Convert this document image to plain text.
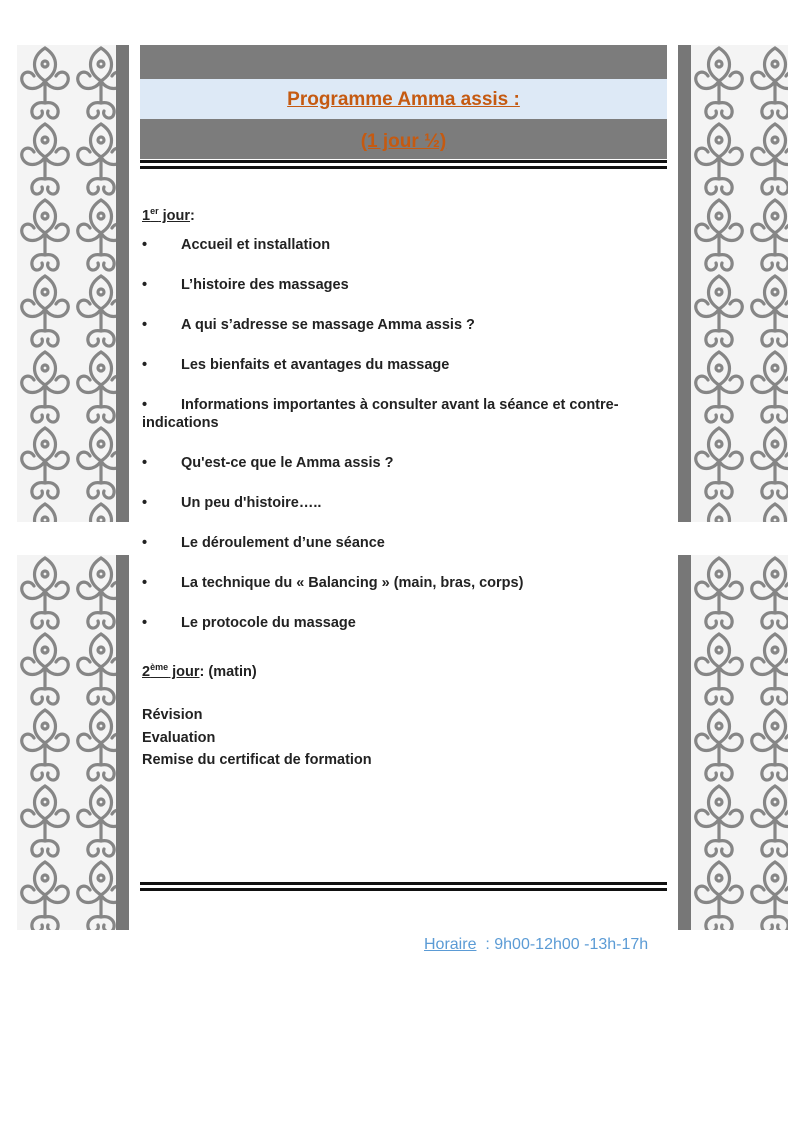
Programme Amma assis :
(1 jour ½)

1er jour :

• Accueil et installation
• L’histoire des massages
• A qui s’adresse se massage Amma assis ?
• Les bienfaits et avantages du massage
• Informations importantes à consulter avant la séance et contre-indications
• Qu'est-ce que le Amma assis ?
• Un peu d'histoire…..
• Le déroulement d’une séance
• La technique du « Balancing » (main, bras, corps)
• Le protocole du massage

2ème jour : (matin)

Révision

Evaluation

Remise du certificat de formation

Horaire  : 9h00-12h00 -13h-17h
